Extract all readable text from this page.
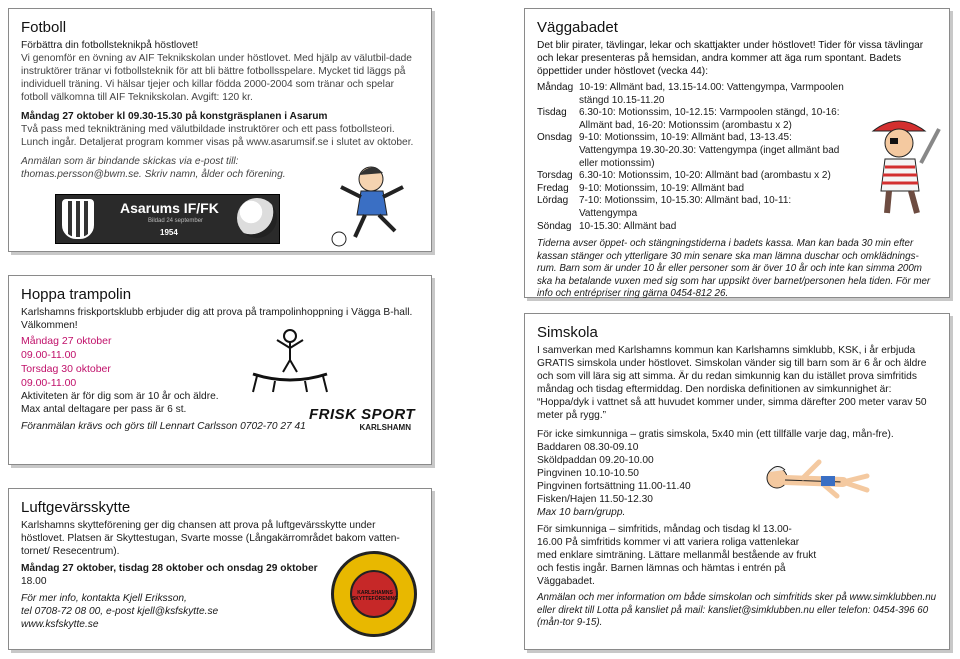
Fotboll
Förbättra din fotbollsteknikpå höstlovet!
Vi genomför en övning av AIF Teknikskolan under höstlovet. Med hjälp av välutbil-dade instruktörer tränar vi fotbollsteknik för att bli bättre fotbollsspelare. Mycket tid läggs på individuell träning. Vi hälsar tjejer och killar födda 2000-2004 som tränar och spelar fotboll välkomna till AIF Teknikskolan. Avgift: 120 kr.
Måndag 27 oktober kl 09.30-15.30 på konstgräsplanen i Asarum
Två pass med teknikträning med välutbildade instruktörer och ett pass fotbollsteori. Lunch ingår. Detaljerat program kommer visas på www.asarumsif.se i slutet av oktober.
Anmälan som är bindande skickas via e-post till: thomas.persson@bwm.se. Skriv namn, ålder och förening.
Asarums IF/FK
Bildad 24 september
1954
Hoppa trampolin
Karlshamns friskportsklubb erbjuder dig att prova på trampolinhoppning i Vägga B-hall. Välkommen!
Måndag 27 oktober
09.00-11.00
Torsdag 30 oktober
09.00-11.00
Aktiviteten är för dig som är 10 år och äldre.
Max antal deltagare per pass är 6 st.
Föranmälan krävs och görs till Lennart Carlsson 0702-70 27 41
FRISK SPORT
KARLSHAMN
Luftgevärsskytte
Karlshamns skytteförening ger dig chansen att prova på luftgevärsskytte under höstlovet. Platsen är Skyttestugan, Svarte mosse (Långakärrområdet bakom vatten-tornet/ Resecentrum).
Måndag 27 oktober, tisdag 28 oktober och onsdag 29 oktober
18.00
För mer info, kontakta Kjell Eriksson,
tel 0708-72 08 00, e-post kjell@ksfskytte.se
www.ksfskytte.se
KARLSHAMNS SKYTTEFÖRENING
Väggabadet
Det blir pirater, tävlingar, lekar och skattjakter under höstlovet! Tider för vissa tävlingar och lekar presenteras på hemsidan, andra kommer att äga rum spontant. Badets öppettider under höstlovet (vecka 44):
Måndag 10-19: Allmänt bad, 13.15-14.00: Vattengympa, Varmpoolen stängd 10.15-11.20
Tisdag	6.30-10: Motionssim, 10-12.15: Varmpoolen stängd, 10-16: Allmänt bad, 16-20: Motionssim (arombastu x 2)
Onsdag 9-10: Motionssim, 10-19: Allmänt bad, 13-13.45: Vattengympa 19.30-20.30: Vattengympa (inget allmänt bad eller motionssim)
Torsdag 6.30-10: Motionssim, 10-20: Allmänt bad (arombastu x 2)
Fredag	9-10: Motionssim, 10-19: Allmänt bad
Lördag	7-10: Motionssim, 10-15.30: Allmänt bad, 10-11: Vattengympa
Söndag 10-15.30: Allmänt bad
Tiderna avser öppet- och stängningstiderna i badets kassa. Man kan bada 30 min efter kassan stänger och ytterligare 30 min senare ska man lämna duschar och omklädnings-rum. Barn som är under 10 år eller personer som är över 10 år och inte kan simma 200m ska ha betalande vuxen med sig som har uppsikt över barnet/personen hela tiden. För mer info och entrépriser ring gärna 0454-812 26.
Simskola
I samverkan med Karlshamns kommun kan Karlshamns simklubb, KSK, i år erbjuda GRATIS simskola under höstlovet. Simskolan vänder sig till barn som är 6 år och äldre och som vill lära sig att simma. Är du redan simkunnig kan du istället prova simfritids måndag och tisdag eftermiddag. Den nordiska definitionen av simkunnighet är: “Hoppa/dyk i vattnet så att huvudet kommer under, simma därefter 200 meter varav 50 meter på rygg.”
För icke simkunniga – gratis simskola, 5x40 min (ett tillfälle varje dag, mån-fre).
Baddaren 08.30-09.10
Sköldpaddan 09.20-10.00
Pingvinen 10.10-10.50
Pingvinen fortsättning 11.00-11.40
Fisken/Hajen 11.50-12.30
Max 10 barn/grupp.
För simkunniga – simfritids, måndag och tisdag kl 13.00-16.00 På simfritids kommer vi att variera roliga vattenlekar med enklare simträning. Lättare mellanmål bestående av frukt och festis ingår. Barnen lämnas och hämtas i entrén på Väggabadet.
Anmälan och mer information om både simskolan och simfritids sker på www.simklubben.nu eller direkt till Lotta på kansliet på mail: kansliet@simklubben.nu eller telefon: 0454-396 60 (mån-tor 9-15).
